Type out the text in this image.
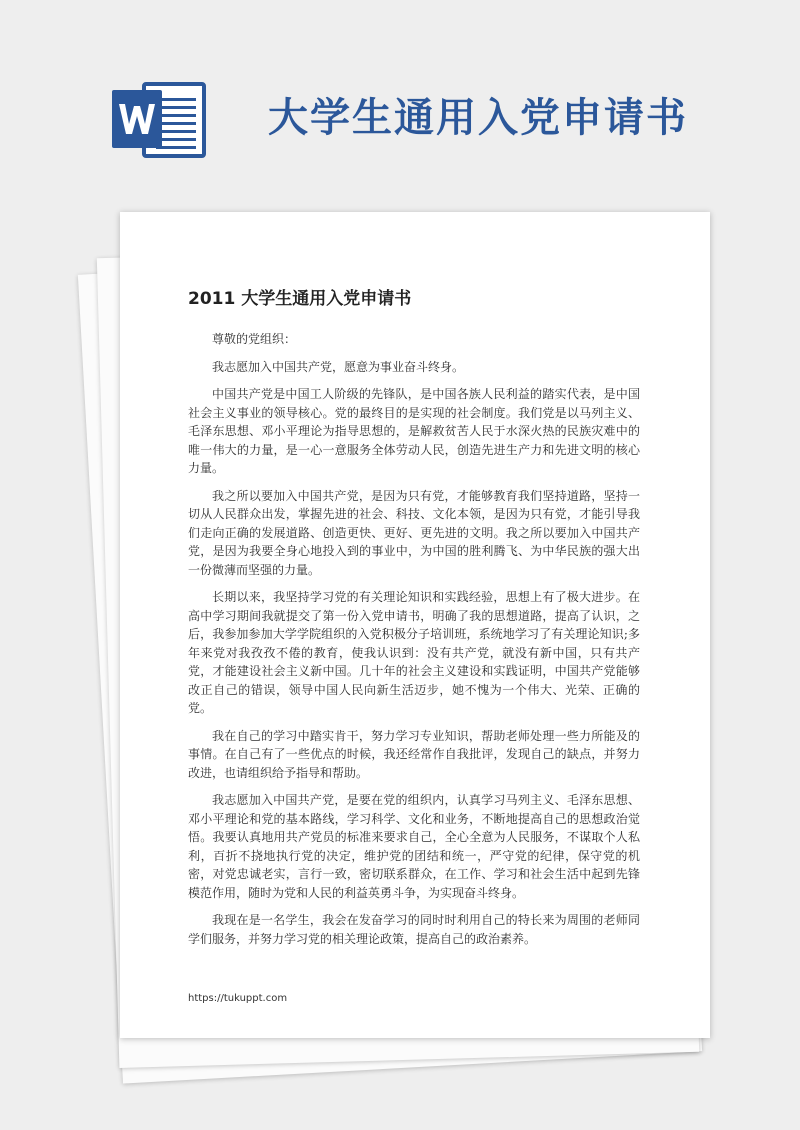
大学生通用入党申请书
2011 大学生通用入党申请书

尊敬的党组织：

我志愿加入中国共产党，愿意为事业奋斗终身。

中国共产党是中国工人阶级的先锋队，是中国各族人民利益的踏实代表，是中国社会主义事业的领导核心。党的最终目的是实现的社会制度。我们党是以马列主义、毛泽东思想、邓小平理论为指导思想的，是解救贫苦人民于水深火热的民族灾难中的唯一伟大的力量，是一心一意服务全体劳动人民，创造先进生产力和先进文明的核心力量。

我之所以要加入中国共产党，是因为只有党，才能够教育我们坚持道路，坚持一切从人民群众出发，掌握先进的社会、科技、文化本领，是因为只有党，才能引导我们走向正确的发展道路、创造更快、更好、更先进的文明。我之所以要加入中国共产党，是因为我要全身心地投入到的事业中，为中国的胜利腾飞、为中华民族的强大出一份微薄而坚强的力量。

长期以来，我坚持学习党的有关理论知识和实践经验，思想上有了极大进步。在高中学习期间我就提交了第一份入党申请书，明确了我的思想道路，提高了认识，之后，我参加参加大学学院组织的入党积极分子培训班，系统地学习了有关理论知识;多年来党对我孜孜不倦的教育，使我认识到：没有共产党，就没有新中国，只有共产党，才能建设社会主义新中国。几十年的社会主义建设和实践证明，中国共产党能够改正自己的错误，领导中国人民向新生活迈步，她不愧为一个伟大、光荣、正确的党。

我在自己的学习中踏实肯干，努力学习专业知识，帮助老师处理一些力所能及的事情。在自己有了一些优点的时候，我还经常作自我批评，发现自己的缺点，并努力改进，也请组织给予指导和帮助。

我志愿加入中国共产党，是要在党的组织内，认真学习马列主义、毛泽东思想、邓小平理论和党的基本路线，学习科学、文化和业务，不断地提高自己的思想政治觉悟。我要认真地用共产党员的标准来要求自己，全心全意为人民服务，不谋取个人私利，百折不挠地执行党的决定，维护党的团结和统一，严守党的纪律，保守党的机密，对党忠诚老实，言行一致，密切联系群众，在工作、学习和社会生活中起到先锋模范作用，随时为党和人民的利益英勇斗争，为实现奋斗终身。

我现在是一名学生，我会在发奋学习的同时时利用自己的特长来为周围的老师同学们服务，并努力学习党的相关理论政策，提高自己的政治素养。

https://tukuppt.com
